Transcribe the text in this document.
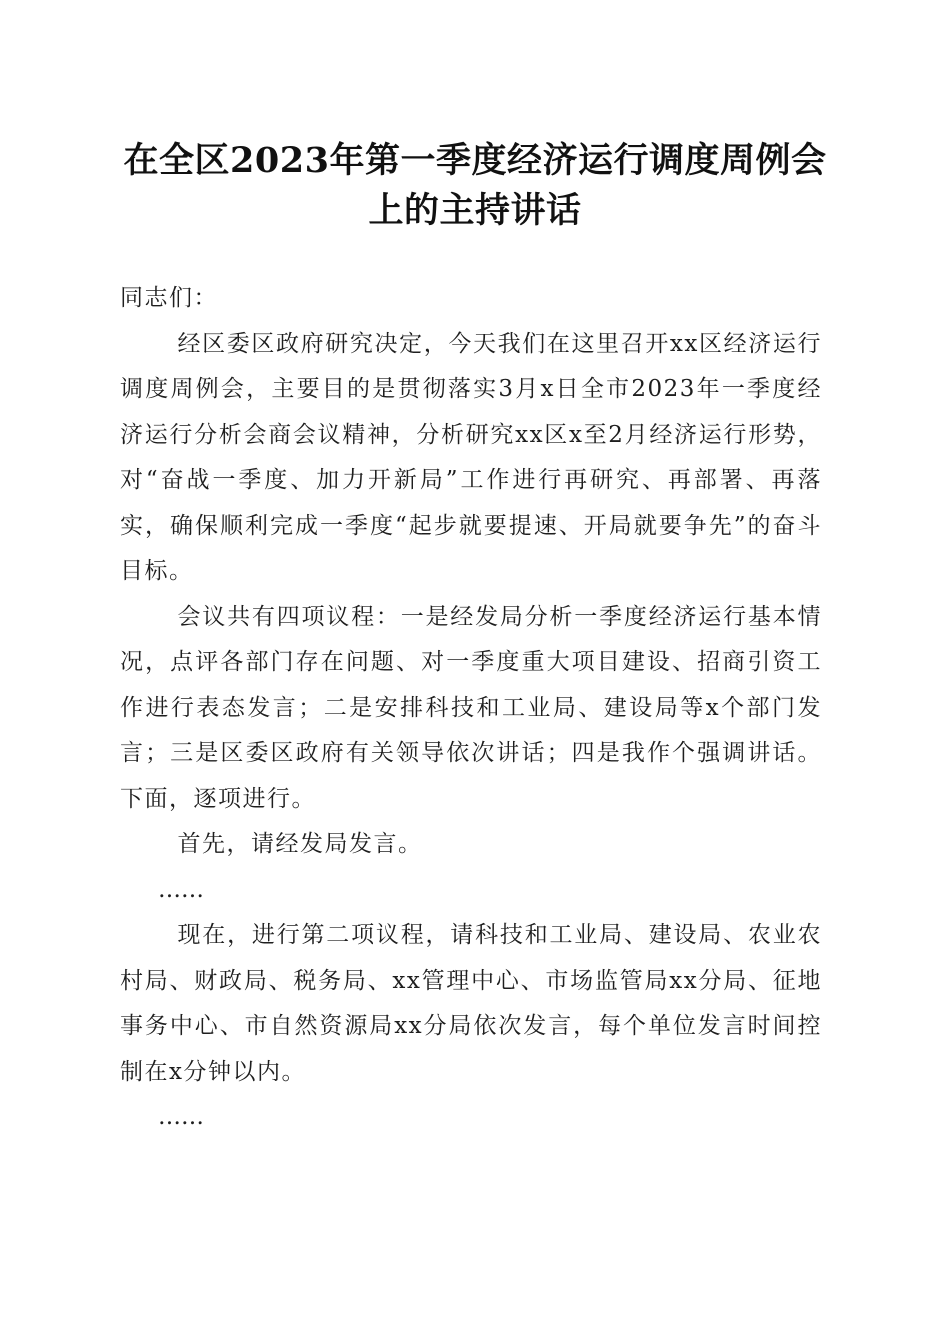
在全区2023年第一季度经济运行调度周例会
上的主持讲话

同志们：

经区委区政府研究决定，今天我们在这里召开xx区经济运行调度周例会，主要目的是贯彻落实3月x日全市2023年一季度经济运行分析会商会议精神，分析研究xx区x至2月经济运行形势，对“奋战一季度、加力开新局”工作进行再研究、再部署、再落实，确保顺利完成一季度“起步就要提速、开局就要争先”的奋斗目标。

会议共有四项议程：一是经发局分析一季度经济运行基本情况，点评各部门存在问题、对一季度重大项目建设、招商引资工作进行表态发言；二是安排科技和工业局、建设局等x个部门发言；三是区委区政府有关领导依次讲话；四是我作个强调讲话。下面，逐项进行。

首先，请经发局发言。

……

现在，进行第二项议程，请科技和工业局、建设局、农业农村局、财政局、税务局、xx管理中心、市场监管局xx分局、征地事务中心、市自然资源局xx分局依次发言，每个单位发言时间控制在x分钟以内。

……
